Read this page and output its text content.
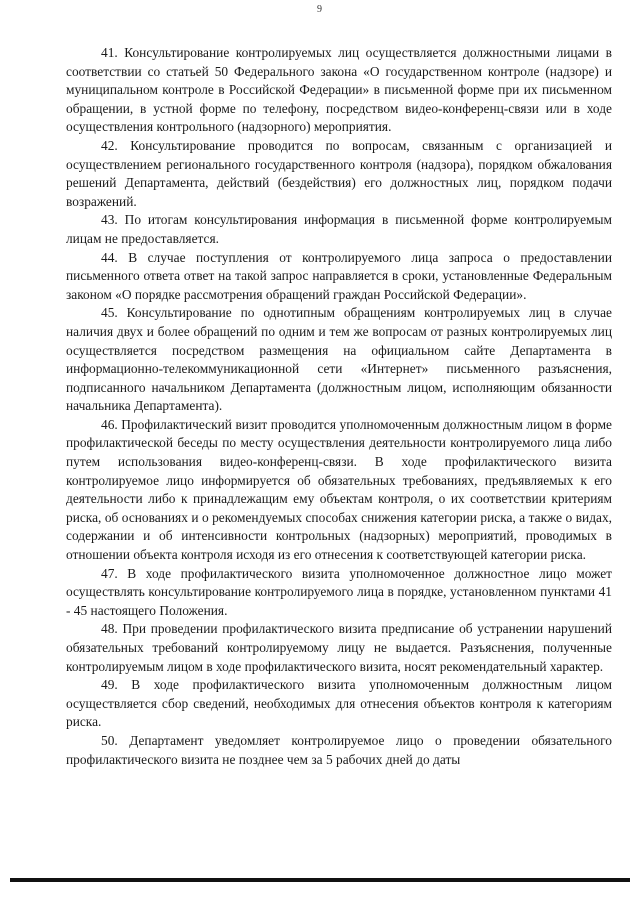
9

41. Консультирование контролируемых лиц осуществляется должностными лицами в соответствии со статьей 50 Федерального закона «О государственном контроле (надзоре) и муниципальном контроле в Российской Федерации» в письменной форме при их письменном обращении, в устной форме по телефону, посредством видео-конференц-связи или в ходе осуществления контрольного (надзорного) мероприятия.

42. Консультирование проводится по вопросам, связанным с организацией и осуществлением регионального государственного контроля (надзора), порядком обжалования решений Департамента, действий (бездействия) его должностных лиц, порядком подачи возражений.

43. По итогам консультирования информация в письменной форме контролируемым лицам не предоставляется.

44. В случае поступления от контролируемого лица запроса о предоставлении письменного ответа ответ на такой запрос направляется в сроки, установленные Федеральным законом «О порядке рассмотрения обращений граждан Российской Федерации».

45. Консультирование по однотипным обращениям контролируемых лиц в случае наличия двух и более обращений по одним и тем же вопросам от разных контролируемых лиц осуществляется посредством размещения на официальном сайте Департамента в информационно-телекоммуникационной сети «Интернет» письменного разъяснения, подписанного начальником Департамента (должностным лицом, исполняющим обязанности начальника Департамента).

46. Профилактический визит проводится уполномоченным должностным лицом в форме профилактической беседы по месту осуществления деятельности контролируемого лица либо путем использования видео-конференц-связи. В ходе профилактического визита контролируемое лицо информируется об обязательных требованиях, предъявляемых к его деятельности либо к принадлежащим ему объектам контроля, о их соответствии критериям риска, об основаниях и о рекомендуемых способах снижения категории риска, а также о видах, содержании и об интенсивности контрольных (надзорных) мероприятий, проводимых в отношении объекта контроля исходя из его отнесения к соответствующей категории риска.

47. В ходе профилактического визита уполномоченное должностное лицо может осуществлять консультирование контролируемого лица в порядке, установленном пунктами 41 - 45 настоящего Положения.

48. При проведении профилактического визита предписание об устранении нарушений обязательных требований контролируемому лицу не выдается. Разъяснения, полученные контролируемым лицом в ходе профилактического визита, носят рекомендательный характер.

49. В ходе профилактического визита уполномоченным должностным лицом осуществляется сбор сведений, необходимых для отнесения объектов контроля к категориям риска.

50. Департамент уведомляет контролируемое лицо о проведении обязательного профилактического визита не позднее чем за 5 рабочих дней до даты
